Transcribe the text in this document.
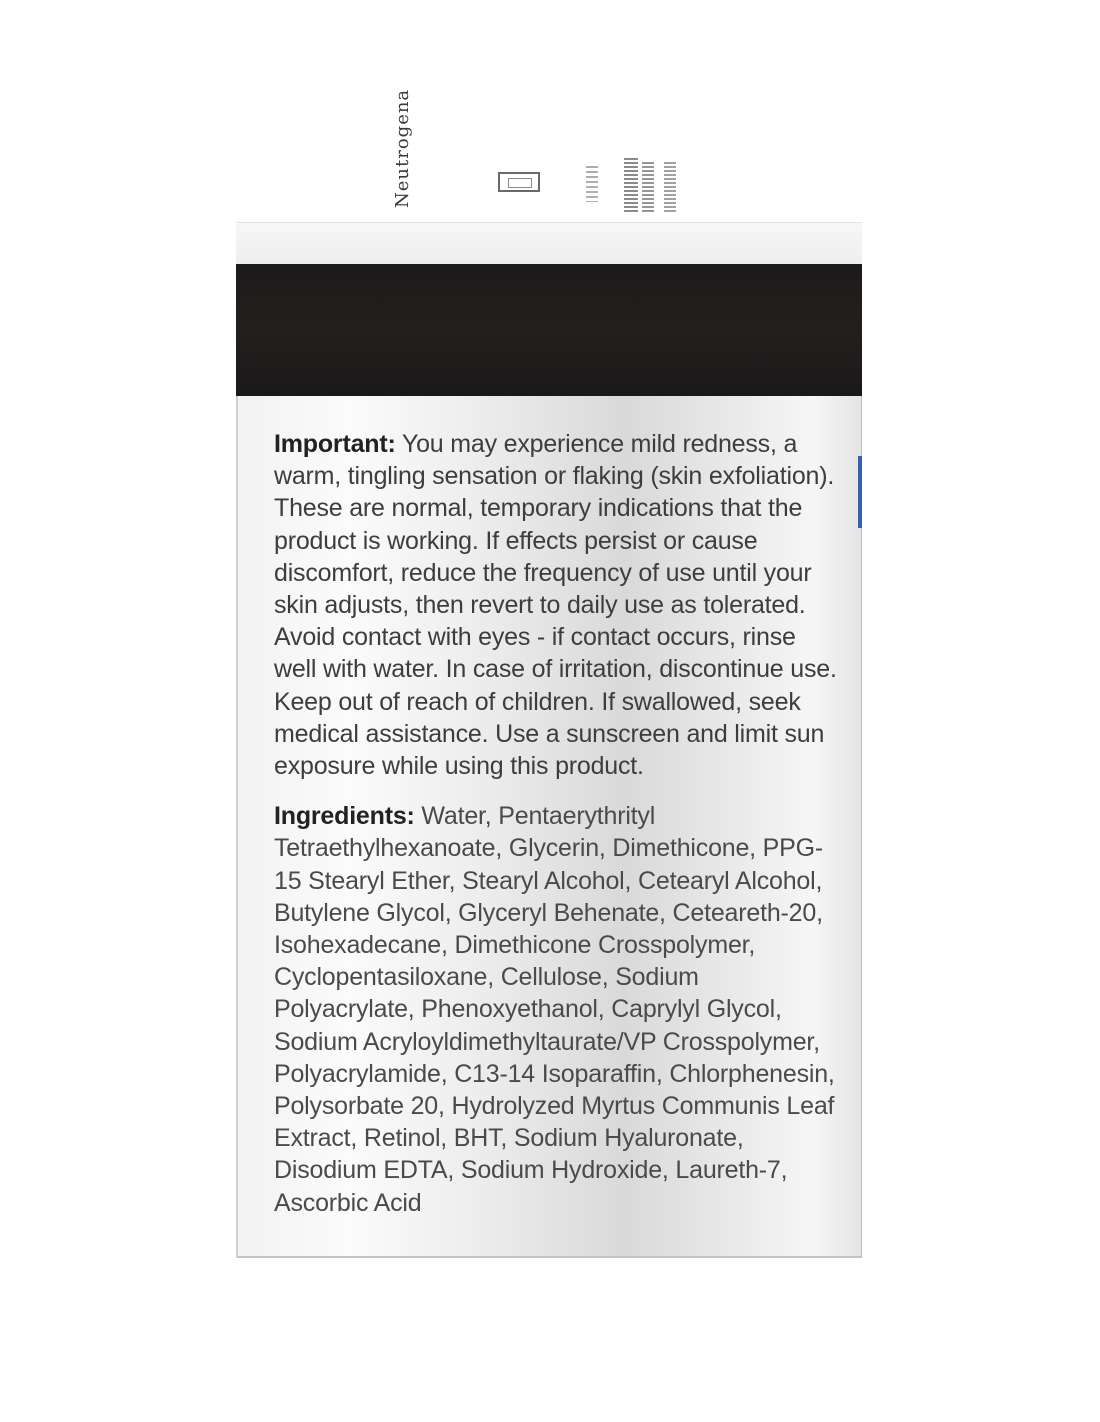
Neutrogena

Important: You may experience mild redness, a warm, tingling sensation or flaking (skin exfoliation). These are normal, temporary indications that the product is working. If effects persist or cause discomfort, reduce the frequency of use until your skin adjusts, then revert to daily use as tolerated. Avoid contact with eyes - if contact occurs, rinse well with water. In case of irritation, discontinue use. Keep out of reach of children. If swallowed, seek medical assistance. Use a sunscreen and limit sun exposure while using this product.

Ingredients: Water, Pentaerythrityl Tetraethylhexanoate, Glycerin, Dimethicone, PPG-15 Stearyl Ether, Stearyl Alcohol, Cetearyl Alcohol, Butylene Glycol, Glyceryl Behenate, Ceteareth-20, Isohexadecane, Dimethicone Crosspolymer, Cyclopentasiloxane, Cellulose, Sodium Polyacrylate, Phenoxyethanol, Caprylyl Glycol, Sodium Acryloyldimethyltaurate/VP Crosspolymer, Polyacrylamide, C13-14 Isoparaffin, Chlorphenesin, Polysorbate 20, Hydrolyzed Myrtus Communis Leaf Extract, Retinol, BHT, Sodium Hyaluronate, Disodium EDTA, Sodium Hydroxide, Laureth-7, Ascorbic Acid
